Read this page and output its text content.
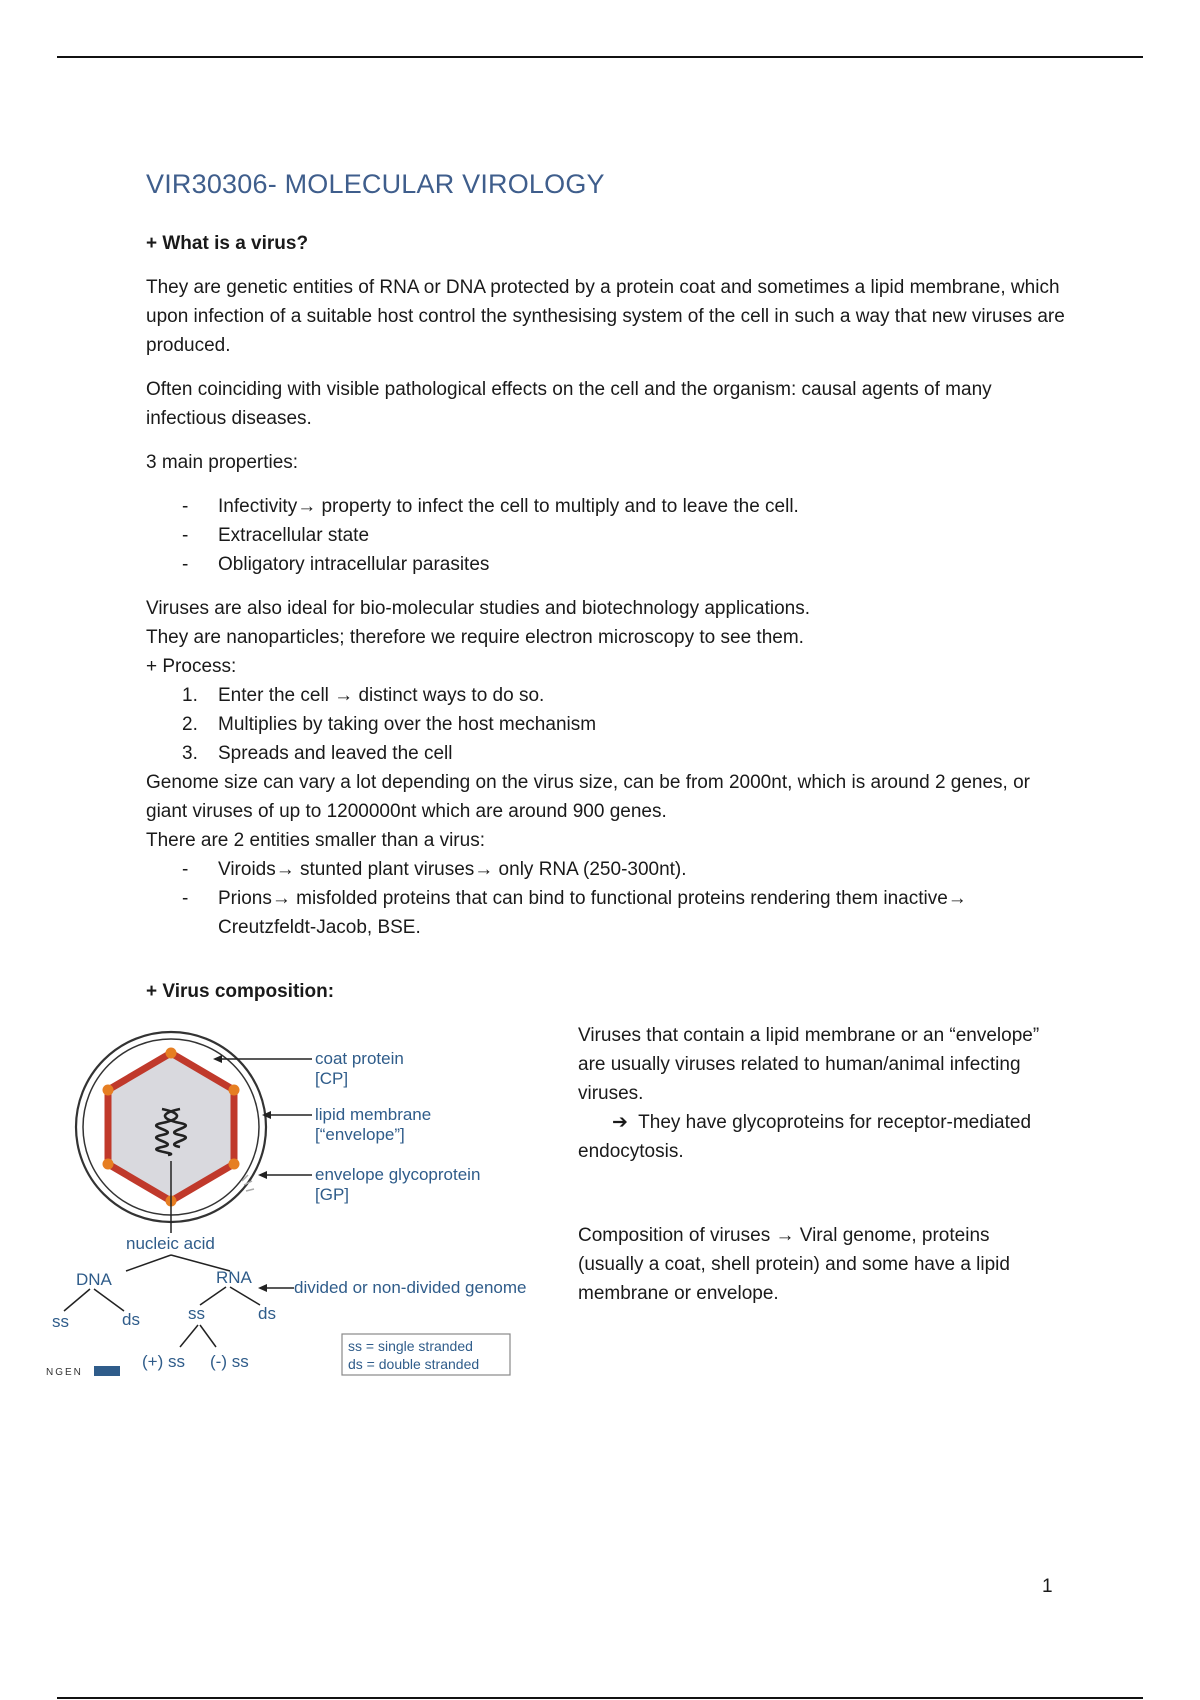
VIR30306- MOLECULAR VIROLOGY
+ What is a virus?

They are genetic entities of RNA or DNA protected by a protein coat and sometimes a lipid membrane, which upon infection of a suitable host control the synthesising system of the cell in such a way that new viruses are produced.

Often coinciding with visible pathological effects on the cell and the organism: causal agents of many infectious diseases.

3 main properties:

- Infectivity→ property to infect the cell to multiply and to leave the cell.
- Extracellular state
- Obligatory intracellular parasites

Viruses are also ideal for bio-molecular studies and biotechnology applications.

They are nanoparticles; therefore we require electron microscopy to see them.

+ Process:

1. Enter the cell → distinct ways to do so.
2. Multiplies by taking over the host mechanism
3. Spreads and leaved the cell

Genome size can vary a lot depending on the virus size, can be from 2000nt, which is around 2 genes, or giant viruses of up to 1200000nt which are around 900 genes.

There are 2 entities smaller than a virus:

- Viroids→ stunted plant viruses→ only RNA (250-300nt).
- Prions→ misfolded proteins that can bind to functional proteins rendering them inactive→ Creutzfeldt-Jacob, BSE.
+ Virus composition:
coat protein
[CP]
lipid membrane
[“envelope”]
envelope glycoprotein
[GP]
nucleic acid
DNA	RNA
divided or non-divided genome
ss	ds	ss	ds
(+) ss (-) ss
ss = single stranded
ds = double stranded
NGEN

Viruses that contain a lipid membrane or an “envelope” are usually viruses related to human/animal infecting viruses.

➔ They have glycoproteins for receptor-mediated endocytosis.

Composition of viruses → Viral genome, proteins (usually a coat, shell protein) and some have a lipid membrane or envelope.

1
